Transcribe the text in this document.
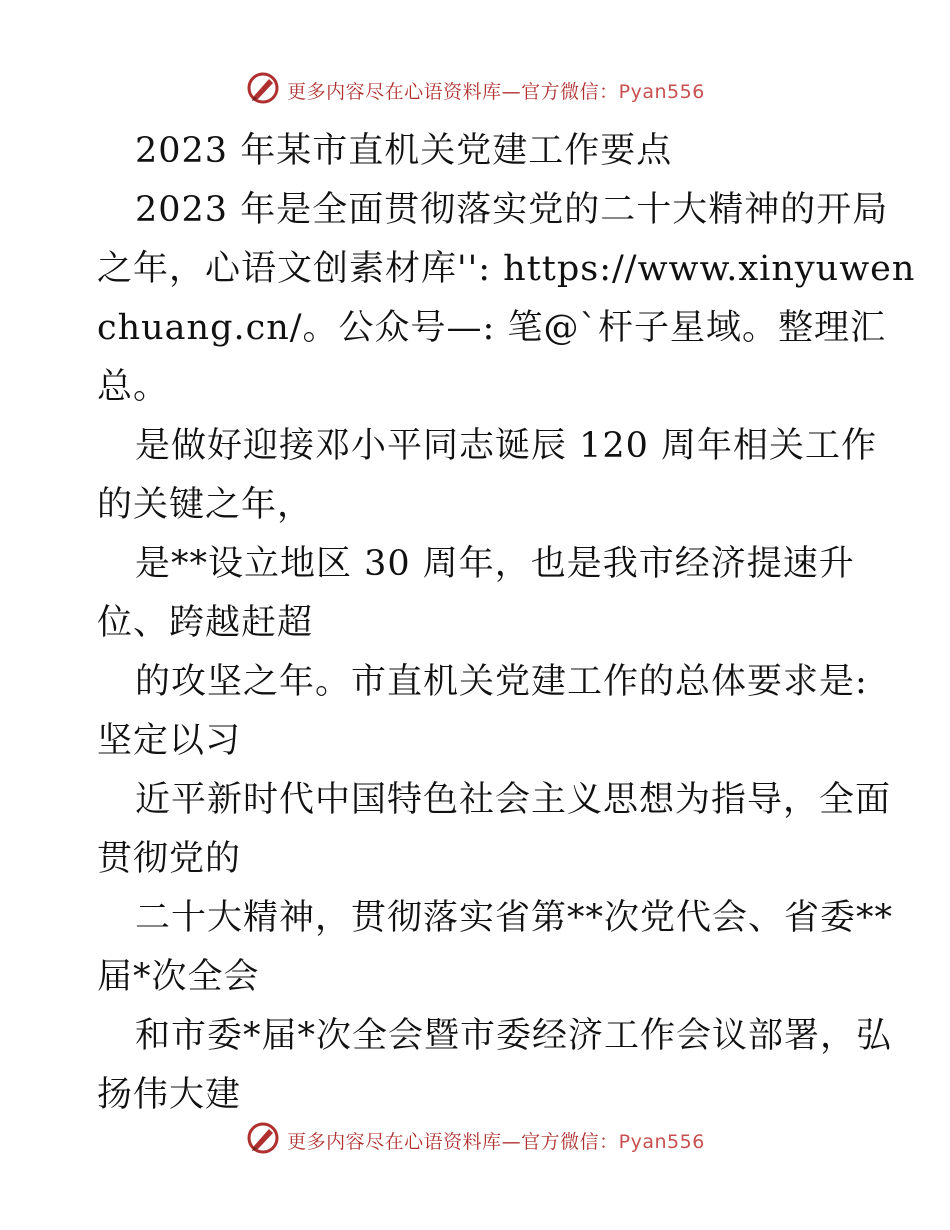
更多内容尽在心语资料库—官方微信：Pyan556
2023 年某市直机关党建工作要点
2023 年是全面贯彻落实党的二十大精神的开局
之年，心语文创素材库'': https://www.xinyuwen
chuang.cn/。公众号—: 笔@`杆子星域。整理汇
总。
是做好迎接邓小平同志诞辰 120 周年相关工作
的关键之年，
是**设立地区 30 周年，也是我市经济提速升
位、跨越赶超
的攻坚之年。市直机关党建工作的总体要求是:
坚定以习
近平新时代中国特色社会主义思想为指导，全面
贯彻党的
二十大精神，贯彻落实省第**次党代会、省委**
届*次全会
和市委*届*次全会暨市委经济工作会议部署，弘
扬伟大建
更多内容尽在心语资料库—官方微信：Pyan556
